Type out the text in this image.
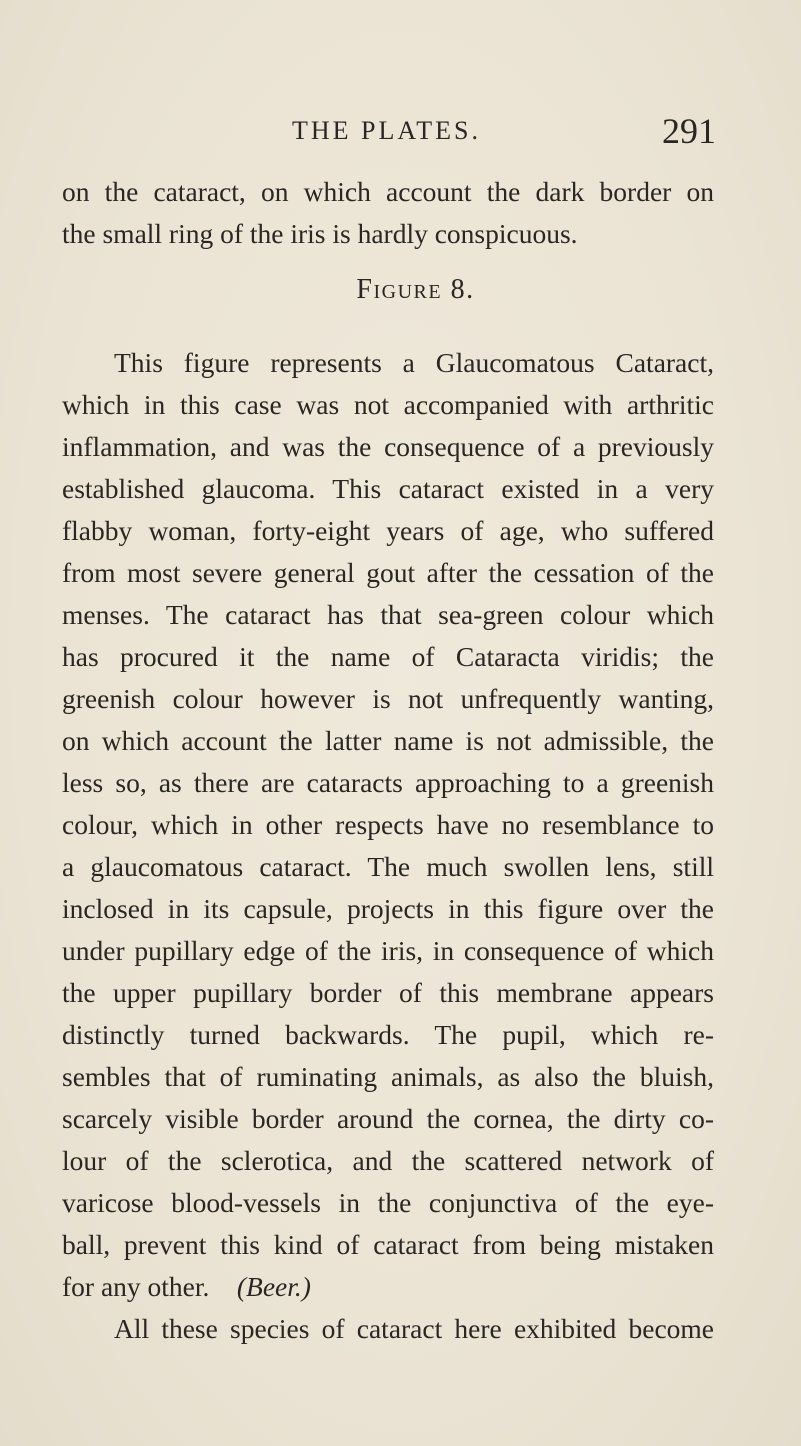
THE PLATES.	291
on the cataract, on which account the dark border on
the small ring of the iris is hardly conspicuous.
Figure 8.
This figure represents a Glaucomatous Cataract,
which in this case was not accompanied with arthritic
inflammation, and was the consequence of a previously
established glaucoma. This cataract existed in a very
flabby woman, forty-eight years of age, who suffered
from most severe general gout after the cessation of the
menses. The cataract has that sea-green colour which
has procured it the name of Cataracta viridis; the
greenish colour however is not unfrequently wanting,
on which account the latter name is not admissible, the
less so, as there are cataracts approaching to a greenish
colour, which in other respects have no resemblance to
a glaucomatous cataract. The much swollen lens, still
inclosed in its capsule, projects in this figure over the
under pupillary edge of the iris, in consequence of which
the upper pupillary border of this membrane appears
distinctly turned backwards. The pupil, which re-
sembles that of ruminating animals, as also the bluish,
scarcely visible border around the cornea, the dirty co-
lour of the sclerotica, and the scattered network of
varicose blood-vessels in the conjunctiva of the eye-
ball, prevent this kind of cataract from being mistaken
for any other. (Beer.)
All these species of cataract here exhibited become
